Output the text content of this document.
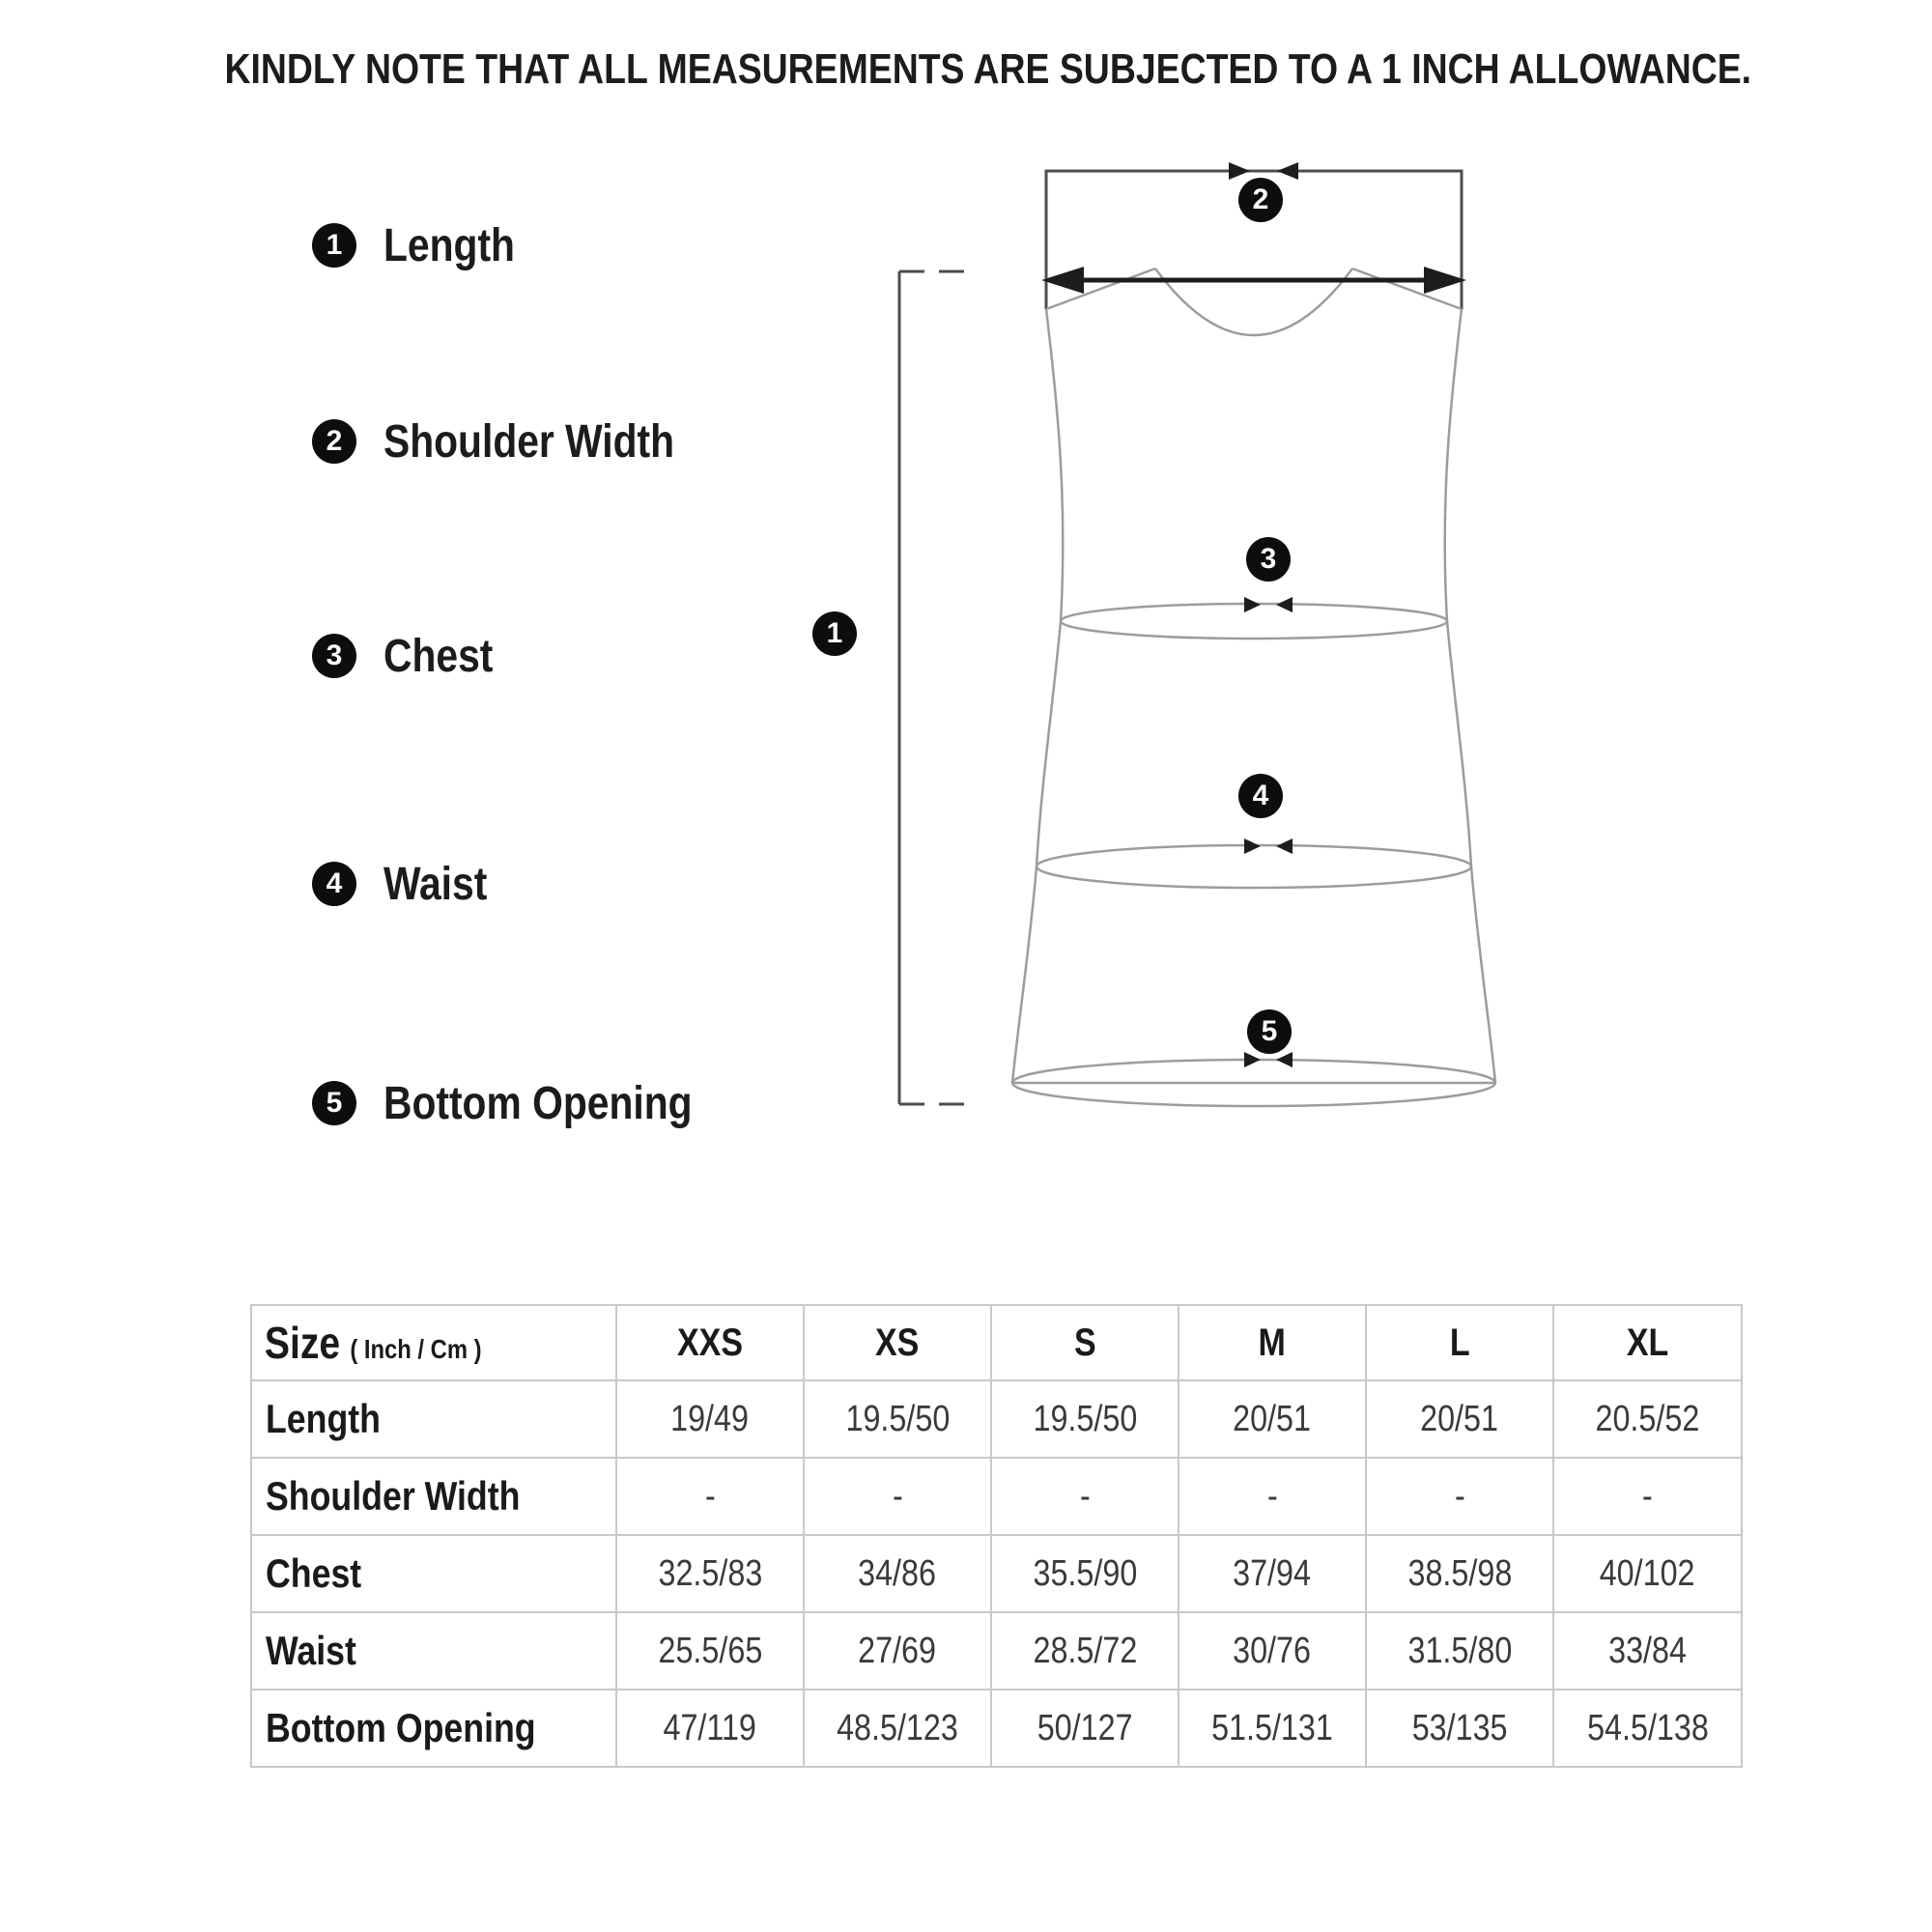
KINDLY NOTE THAT ALL MEASUREMENTS ARE SUBJECTED TO A 1 INCH ALLOWANCE.
1 Length
2 Shoulder Width
3 Chest
4 Waist
5 Bottom Opening
1
2
3
4
5
Size ( Inch / Cm )	XXS	XS	S	M	L	XL
Length	19/49	19.5/50	19.5/50	20/51	20/51	20.5/52
Shoulder Width	-	-	-	-	-	-
Chest	32.5/83	34/86	35.5/90	37/94	38.5/98	40/102
Waist	25.5/65	27/69	28.5/72	30/76	31.5/80	33/84
Bottom Opening	47/119	48.5/123	50/127	51.5/131	53/135	54.5/138
